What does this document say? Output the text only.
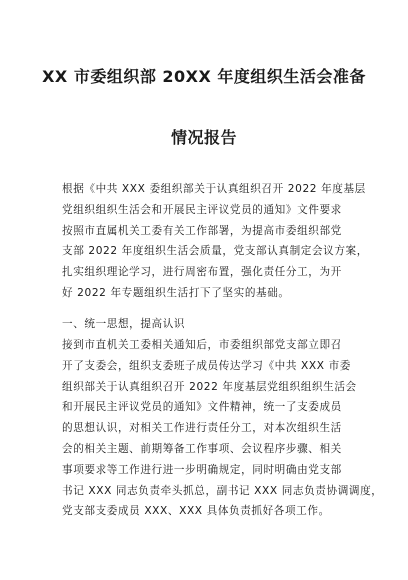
XX 市委组织部 20XX 年度组织生活会准备
情况报告
根据《中共 XXX 委组织部关于认真组织召开 2022 年度基层
党组织组织生活会和开展民主评议党员的通知》文件要求
按照市直属机关工委有关工作部署，为提高市委组织部党
支部 2022 年度组织生活会质量，党支部认真制定会议方案，
扎实组织理论学习，进行周密布置，强化责任分工，为开
好 2022 年专题组织生活打下了坚实的基础。
一、统一思想，提高认识
接到市直机关工委相关通知后，市委组织部党支部立即召
开了支委会，组织支委班子成员传达学习《中共 XXX 市委
组织部关于认真组织召开 2022 年度基层党组织组织生活会
和开展民主评议党员的通知》文件精神，统一了支委成员
的思想认识，对相关工作进行责任分工，对本次组织生活
会的相关主题、前期筹备工作事项、会议程序步骤、相关
事项要求等工作进行进一步明确规定，同时明确由党支部
书记 XXX 同志负责牵头抓总，副书记 XXX 同志负责协调调度，
党支部支委成员 XXX、XXX 具体负责抓好各项工作。
